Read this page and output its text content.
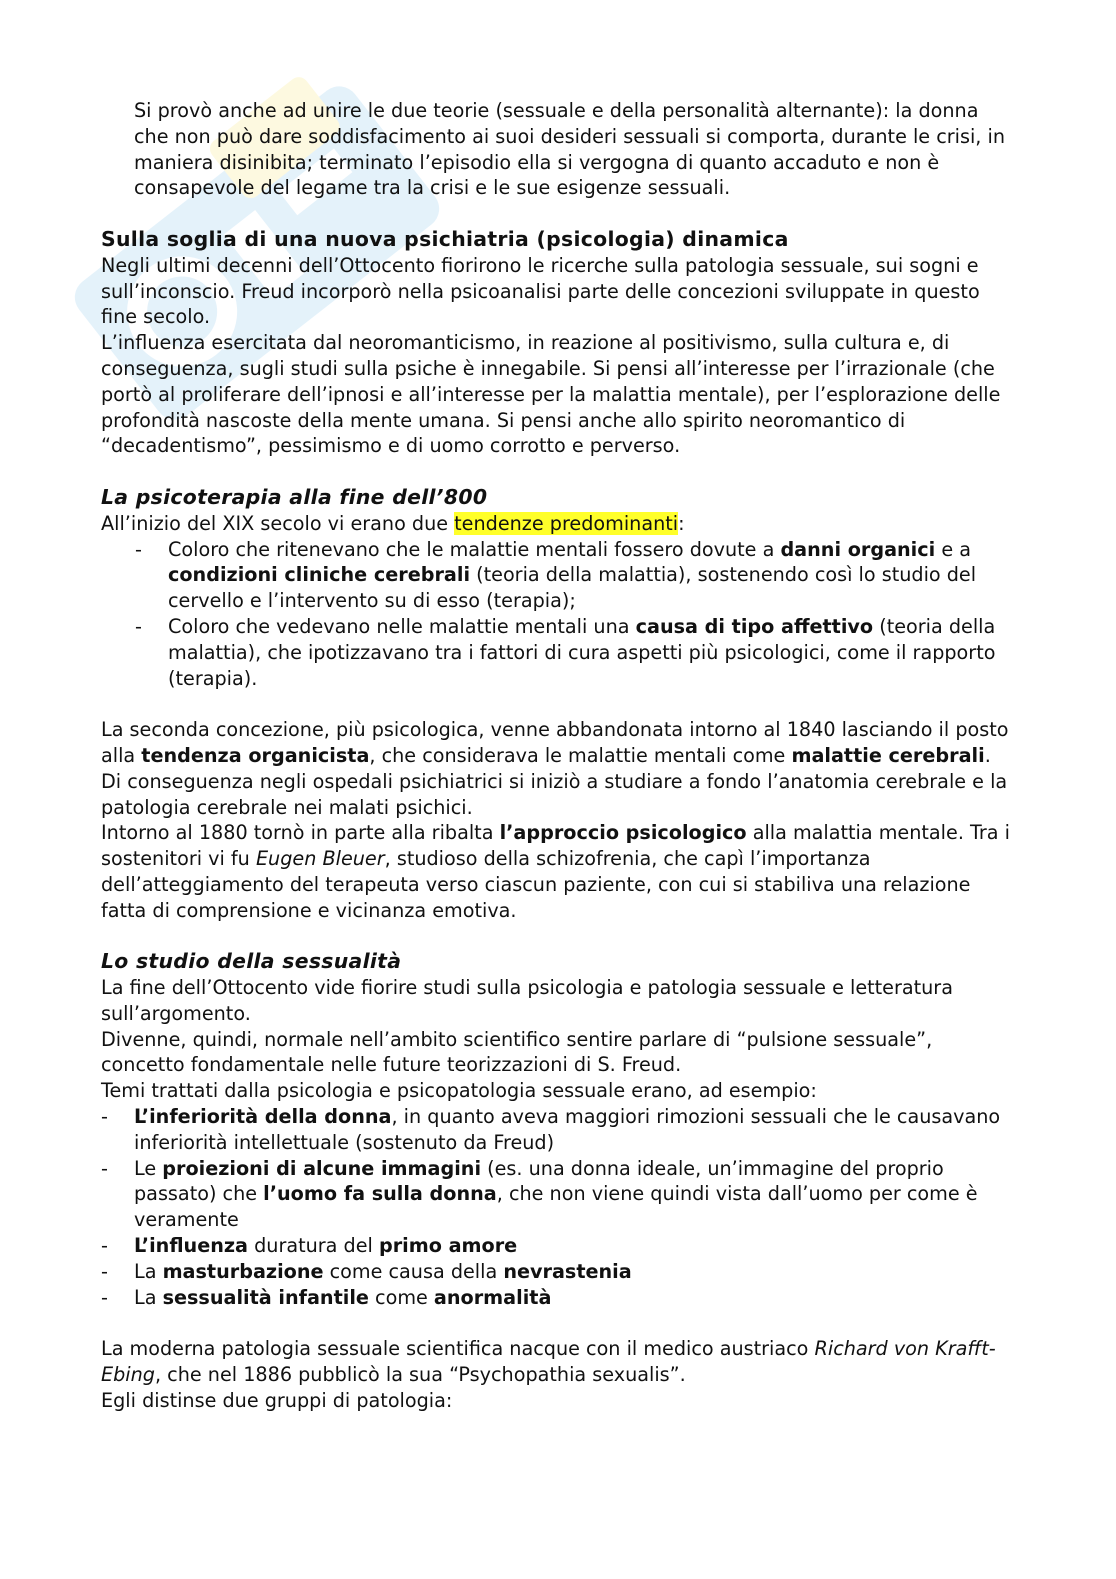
Si provò anche ad unire le due teorie (sessuale e della personalità alternante): la donna che non può dare soddisfacimento ai suoi desideri sessuali si comporta, durante le crisi, in maniera disinibita; terminato l’episodio ella si vergogna di quanto accaduto e non è consapevole del legame tra la crisi e le sue esigenze sessuali.

Sulla soglia di una nuova psichiatria (psicologia) dinamica

Negli ultimi decenni dell’Ottocento fiorirono le ricerche sulla patologia sessuale, sui sogni e sull’inconscio. Freud incorporò nella psicoanalisi parte delle concezioni sviluppate in questo fine secolo.

L’influenza esercitata dal neoromanticismo, in reazione al positivismo, sulla cultura e, di conseguenza, sugli studi sulla psiche è innegabile. Si pensi all’interesse per l’irrazionale (che portò al proliferare dell’ipnosi e all’interesse per la malattia mentale), per l’esplorazione delle profondità nascoste della mente umana. Si pensi anche allo spirito neoromantico di “decadentismo”, pessimismo e di uomo corrotto e perverso.

La psicoterapia alla fine dell’800

All’inizio del XIX secolo vi erano due tendenze predominanti:

- Coloro che ritenevano che le malattie mentali fossero dovute a danni organici e a condizioni cliniche cerebrali (teoria della malattia), sostenendo così lo studio del cervello e l’intervento su di esso (terapia);
- Coloro che vedevano nelle malattie mentali una causa di tipo affettivo (teoria della malattia), che ipotizzavano tra i fattori di cura aspetti più psicologici, come il rapporto (terapia).

La seconda concezione, più psicologica, venne abbandonata intorno al 1840 lasciando il posto alla tendenza organicista, che considerava le malattie mentali come malattie cerebrali. Di conseguenza negli ospedali psichiatrici si iniziò a studiare a fondo l’anatomia cerebrale e la patologia cerebrale nei malati psichici.

Intorno al 1880 tornò in parte alla ribalta l’approccio psicologico alla malattia mentale. Tra i sostenitori vi fu Eugen Bleuer, studioso della schizofrenia, che capì l’importanza dell’atteggiamento del terapeuta verso ciascun paziente, con cui si stabiliva una relazione fatta di comprensione e vicinanza emotiva.

Lo studio della sessualità

La fine dell’Ottocento vide fiorire studi sulla psicologia e patologia sessuale e letteratura sull’argomento.

Divenne, quindi, normale nell’ambito scientifico sentire parlare di “pulsione sessuale”, concetto fondamentale nelle future teorizzazioni di S. Freud.

Temi trattati dalla psicologia e psicopatologia sessuale erano, ad esempio:

- L’inferiorità della donna, in quanto aveva maggiori rimozioni sessuali che le causavano inferiorità intellettuale (sostenuto da Freud)
- Le proiezioni di alcune immagini (es. una donna ideale, un’immagine del proprio passato) che l’uomo fa sulla donna, che non viene quindi vista dall’uomo per come è veramente
- L’influenza duratura del primo amore
- La masturbazione come causa della nevrastenia
- La sessualità infantile come anormalità

La moderna patologia sessuale scientifica nacque con il medico austriaco Richard von Krafft-Ebing, che nel 1886 pubblicò la sua “Psychopathia sexualis”.

Egli distinse due gruppi di patologia:
